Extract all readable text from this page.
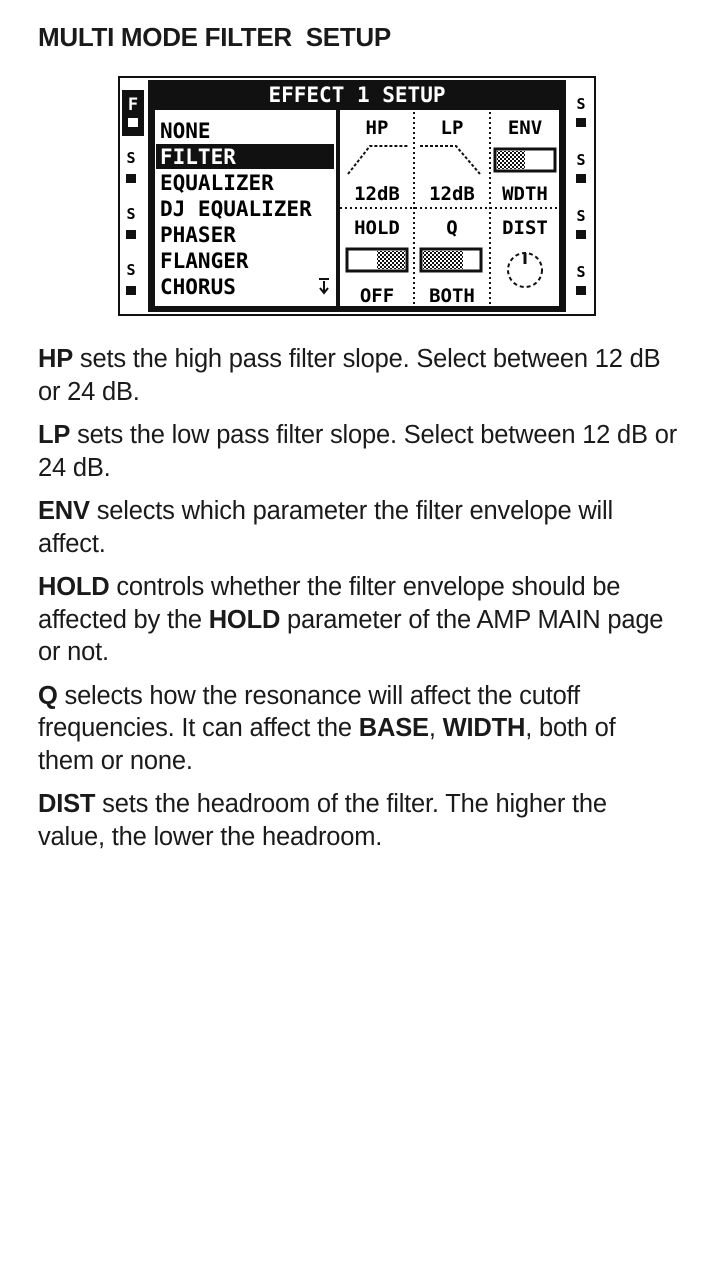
MULTI MODE FILTER  SETUP
EFFECT 1 SETUP
F
S
S
S
S
S
S
S
NONE
FILTER
EQUALIZER
DJ EQUALIZER
PHASER
FLANGER
CHORUS
HP
12dB
LP
12dB
ENV
WDTH
HOLD
OFF
Q
BOTH
DIST

HP sets the high pass filter slope. Select between 12 dB or 24 dB.

LP sets the low pass filter slope. Select between 12 dB or 24 dB.

ENV selects which parameter the filter envelope will affect.

HOLD controls whether the filter envelope should be affected by the HOLD parameter of the AMP MAIN page or not.

Q selects how the resonance will affect the cutoff frequencies. It can affect the BASE, WIDTH, both of them or none.

DIST sets the headroom of the filter. The higher the value, the lower the headroom.
